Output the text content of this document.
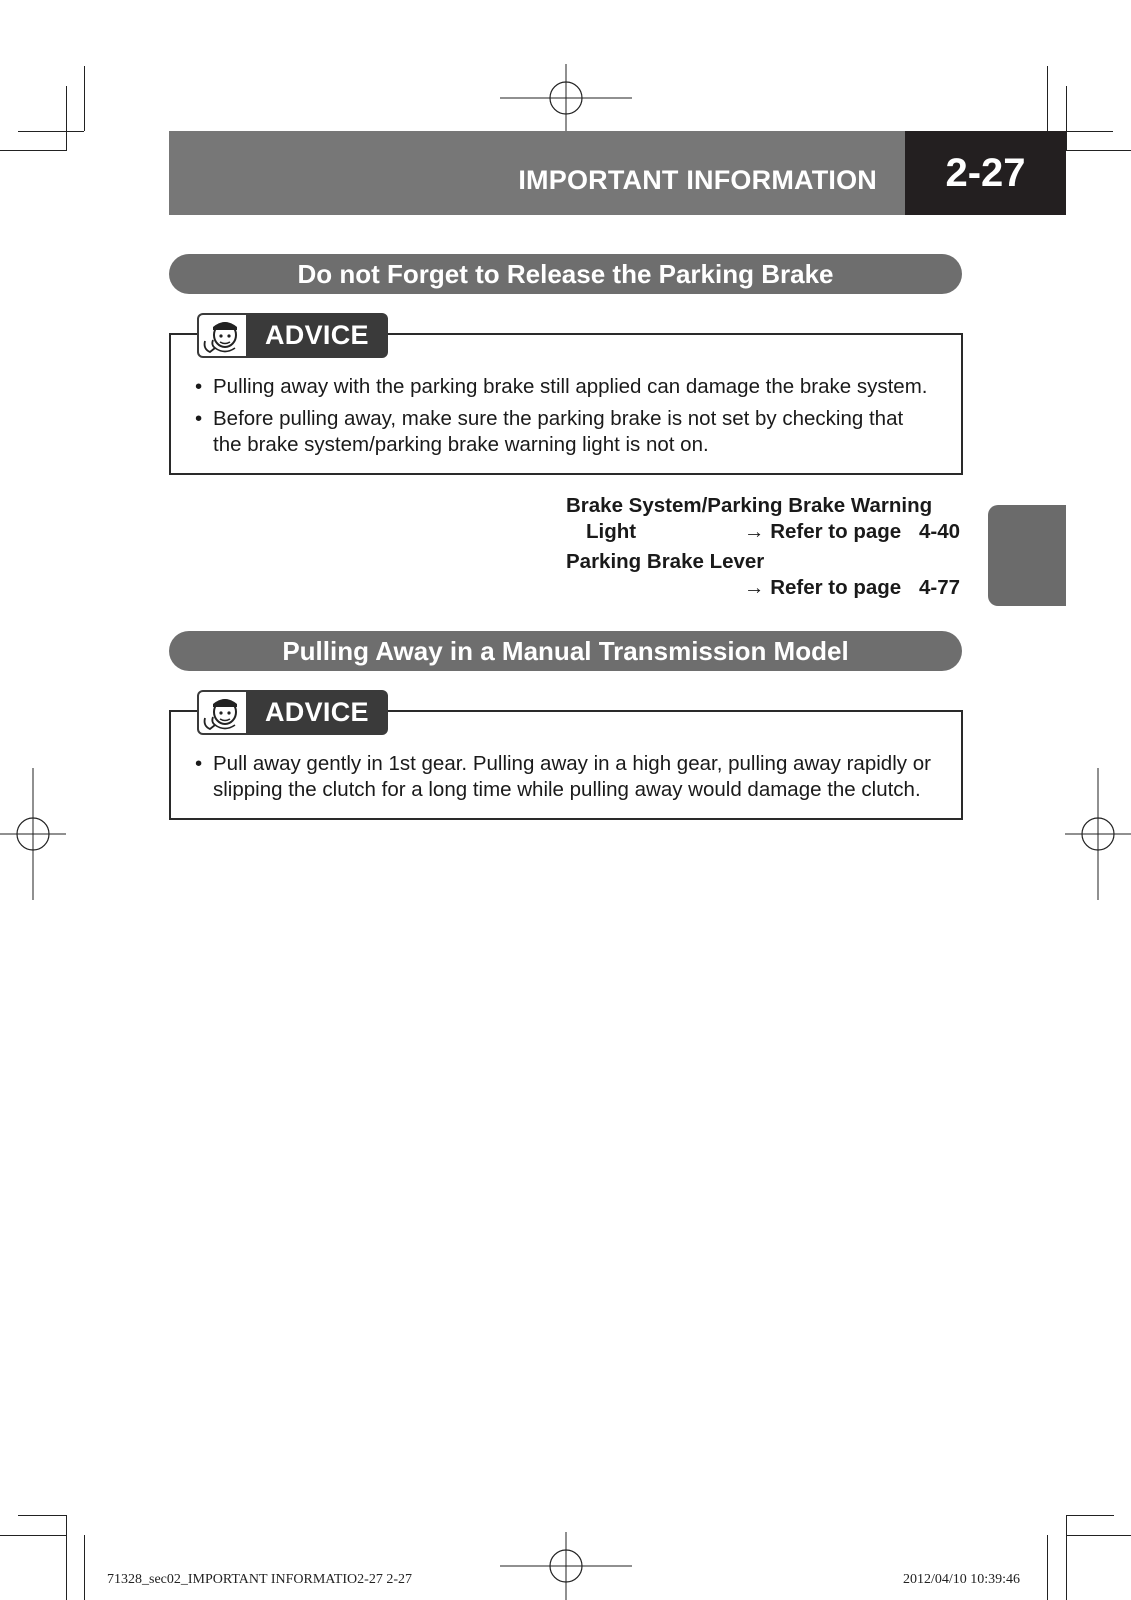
IMPORTANT INFORMATION	2-27
Do not Forget to Release the Parking Brake
• Pulling away with the parking brake still applied can damage the brake system.
• Before pulling away, make sure the parking brake is not set by checking that the brake system/parking brake warning light is not on.
ADVICE
Brake System/Parking Brake Warning
Light	→ Refer to page 4-40
Parking Brake Lever
→ Refer to page 4-77
Pulling Away in a Manual Transmission Model
• Pull away gently in 1st gear. Pulling away in a high gear, pulling away rapidly or slipping the clutch for a long time while pulling away would damage the clutch.
ADVICE
71328_sec02_IMPORTANT INFORMATIO2-27 2-27	2012/04/10 10:39:46
